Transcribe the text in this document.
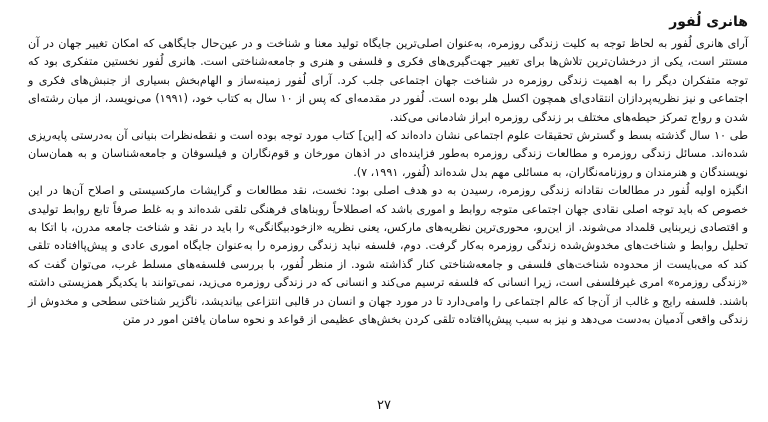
هانری لُفور

آرای هانری لُفور به لحاظ توجه به کلیت زندگی روزمره، به‌عنوان اصلی‌ترین جایگاه تولید معنا و شناخت و در عین‌حال جایگاهی که امکان تغییر جهان در آن مستتر است، یکی از درخشان‌ترین تلاش‌ها برای تغییر جهت‌گیری‌های فکری و فلسفی و هنری و جامعه‌شناختی است. هانری لُفور نخستین متفکری بود که توجه متفکران دیگر را به اهمیت زندگی روزمره در شناخت جهان اجتماعی جلب کرد. آرای لُفور زمینه‌ساز و الهام‌بخش بسیاری از جنبش‌های فکری و اجتماعی و نیز نظریه‌پردازان انتقادی‌ای همچون اکسل هلر بوده است. لُفور در مقدمه‌ای که پس از ۱۰ سال به کتاب خود، (۱۹۹۱) می‌نویسد، از میان رشته‌ای شدن و رواج تمرکز حیطه‌های مختلف بر زندگی روزمره ابراز شادمانی می‌کند.

طی ۱۰ سال گذشته بسط و گسترش تحقیقات علوم اجتماعی نشان داده‌اند که [این] کتاب مورد توجه بوده است و نقطه‌نظرات بنیانی آن به‌درستی پایه‌ریزی شده‌اند. مسائل زندگی روزمره و مطالعات زندگی روزمره به‌طور فزاینده‌ای در اذهان مورخان و قوم‌نگاران و فیلسوفان و جامعه‌شناسان و به همان‌سان نویسندگان و هنرمندان و روزنامه‌نگاران، به مسائلی مهم بدل شده‌اند (لُفور، ۱۹۹۱، ۷).

انگیزه اولیه لُفور در مطالعات نقادانه زندگی روزمره، رسیدن به دو هدف اصلی بود: نخست، نقد مطالعات و گرایشات مارکسیستی و اصلاح آن‌ها در این خصوص که باید توجه اصلی نقادی جهان اجتماعی متوجه روابط و اموری باشد که اصطلاحاً روبناهای فرهنگی تلقی شده‌اند و به غلط صرفاً تابع روابط تولیدی و اقتصادی زیربنایی قلمداد می‌شوند. از این‌رو، محوری‌ترین نظریه‌های مارکس، یعنی نظریه «ازخودبیگانگی» را باید در نقد و شناخت جامعه مدرن، با اتکا به تحلیل روابط و شناخت‌های مخدوش‌شده زندگی روزمره به‌کار گرفت. دوم، فلسفه نباید زندگی روزمره را به‌عنوان جایگاه اموری عادی و پیش‌پاافتاده تلقی کند که می‌بایست از محدوده شناخت‌های فلسفی و جامعه‌شناختی کنار گذاشته شود. از منظر لُفور، با بررسی فلسفه‌های مسلط غرب، می‌توان گفت که «زندگی روزمره» امری غیرفلسفی است، زیرا انسانی که فلسفه ترسیم می‌کند و انسانی که در زندگی روزمره می‌زید، نمی‌توانند با یکدیگر همزیستی داشته باشند. فلسفه رایج و غالب از آن‌جا که عالم اجتماعی را وامی‌دارد تا در مورد جهان و انسان در قالبی انتزاعی بیاندیشد، ناگزیر شناختی سطحی و مخدوش از زندگی واقعی آدمیان به‌دست می‌دهد و نیز به سبب پیش‌پاافتاده تلقی کردن بخش‌های عظیمی از قواعد و نحوه سامان یافتن امور در متن

۲۷
